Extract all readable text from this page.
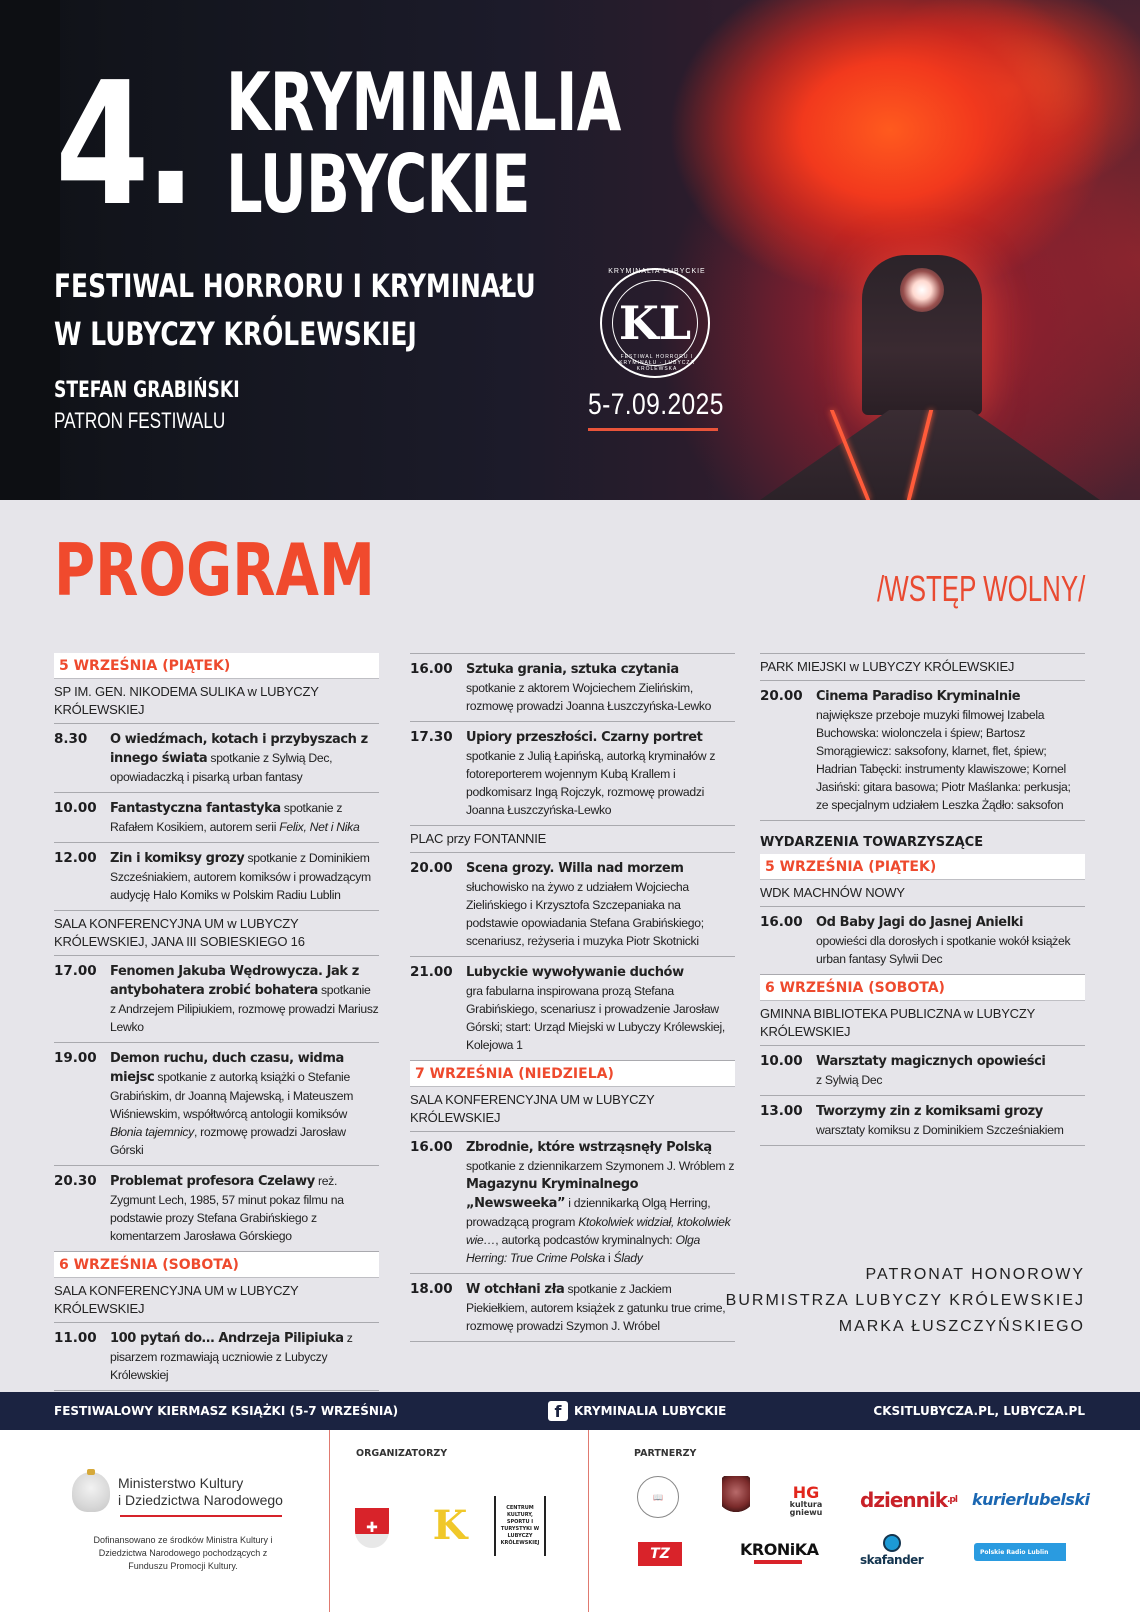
4. KRYMINALIA
LUBYCKIE
FESTIWAL HORRORU I KRYMINAŁU
W LUBYCZY KRÓLEWSKIEJ
STEFAN GRABIŃSKI
PATRON FESTIWALU
KRYMINALIA LUBYCKIE
KL
FESTIWAL HORRORU I KRYMINAŁU · LUBYCZA KRÓLEWSKA
5-7.09.2025
PROGRAM	/WSTĘP WOLNY/
5 WRZEŚNIA (PIĄTEK)
SP IM. GEN. NIKODEMA SULIKA w LUBYCZY KRÓLEWSKIEJ
8.30	O wiedźmach, kotach i przybyszach z innego świata spotkanie z Sylwią Dec, opowiadaczką i pisarką urban fantasy
10.00	Fantastyczna fantastyka spotkanie z Rafałem Kosikiem, autorem serii Felix, Net i Nika
12.00	Zin i komiksy grozy spotkanie z Dominikiem Szcześniakiem, autorem komiksów i prowadzącym audycję Halo Komiks w Polskim Radiu Lublin
SALA KONFERENCYJNA UM w LUBYCZY KRÓLEWSKIEJ, JANA III SOBIESKIEGO 16
17.00	Fenomen Jakuba Wędrowycza. Jak z antybohatera zrobić bohatera spotkanie z Andrzejem Pilipiukiem, rozmowę prowadzi Mariusz Lewko
19.00	Demon ruchu, duch czasu, widma miejsc spotkanie z autorką książki o Stefanie Grabińskim, dr Joanną Majewską, i Mateuszem Wiśniewskim, współtwórcą antologii komiksów Błonia tajemnicy, rozmowę prowadzi Jarosław Górski
20.30	Problemat profesora Czelawy reż. Zygmunt Lech, 1985, 57 minut pokaz filmu na podstawie prozy Stefana Grabińskiego z komentarzem Jarosława Górskiego
6 WRZEŚNIA (SOBOTA)
SALA KONFERENCYJNA UM w LUBYCZY KRÓLEWSKIEJ
11.00	100 pytań do… Andrzeja Pilipiuka z pisarzem rozmawiają uczniowie z Lubyczy Królewskiej
16.00	Sztuka grania, sztuka czytania
spotkanie z aktorem Wojciechem Zielińskim, rozmowę prowadzi Joanna Łuszczyńska-Lewko
17.30	Upiory przeszłości. Czarny portret spotkanie z Julią Łapińską, autorką kryminałów z fotoreporterem wojennym Kubą Krallem i podkomisarz Ingą Rojczyk, rozmowę prowadzi Joanna Łuszczyńska-Lewko
PLAC przy FONTANNIE
20.00	Scena grozy. Willa nad morzem
słuchowisko na żywo z udziałem Wojciecha Zielińskiego i Krzysztofa Szczepaniaka na podstawie opowiadania Stefana Grabińskiego; scenariusz, reżyseria i muzyka Piotr Skotnicki
21.00	Lubyckie wywoływanie duchów
gra fabularna inspirowana prozą Stefana Grabińskiego, scenariusz i prowadzenie Jarosław Górski; start: Urząd Miejski w Lubyczy Królewskiej, Kolejowa 1
7 WRZEŚNIA (NIEDZIELA)
SALA KONFERENCYJNA UM w LUBYCZY KRÓLEWSKIEJ
16.00	Zbrodnie, które wstrząsnęły Polską spotkanie z dziennikarzem Szymonem J. Wróblem z Magazynu Kryminalnego „Newsweeka” i dziennikarką Olgą Herring, prowadzącą program Ktokolwiek widział, ktokolwiek wie…, autorką podcastów kryminalnych: Olga Herring: True Crime Polska i Ślady
18.00	W otchłani zła spotkanie z Jackiem Piekiełkiem, autorem książek z gatunku true crime, rozmowę prowadzi Szymon J. Wróbel
PARK MIEJSKI w LUBYCZY KRÓLEWSKIEJ
20.00	Cinema Paradiso Kryminalnie
największe przeboje muzyki filmowej Izabela Buchowska: wiolonczela i śpiew; Bartosz Smorągiewicz: saksofony, klarnet, flet, śpiew; Hadrian Tabęcki: instrumenty klawiszowe; Kornel Jasiński: gitara basowa; Piotr Maślanka: perkusja; ze specjalnym udziałem Leszka Żądło: saksofon
WYDARZENIA TOWARZYSZĄCE
5 WRZEŚNIA (PIĄTEK)
WDK MACHNÓW NOWY
16.00	Od Baby Jagi do Jasnej Anielki
opowieści dla dorosłych i spotkanie wokół książek urban fantasy Sylwii Dec
6 WRZEŚNIA (SOBOTA)
GMINNA BIBLIOTEKA PUBLICZNA w LUBYCZY KRÓLEWSKIEJ
10.00	Warsztaty magicznych opowieści
z Sylwią Dec
13.00	Tworzymy zin z komiksami grozy
warsztaty komiksu z Dominikiem Szcześniakiem
PATRONAT HONOROWY
BURMISTRZA LUBYCZY KRÓLEWSKIEJ
MARKA ŁUSZCZYŃSKIEGO
FESTIWALOWY KIERMASZ KSIĄŻKI (5-7 WRZEŚNIA)	f	KRYMINALIA LUBYCKIE	CKSITLUBYCZA.PL, LUBYCZA.PL
Ministerstwo Kultury
i Dziedzictwa Narodowego
Dofinansowano ze środków Ministra Kultury i Dziedzictwa Narodowego pochodzących z Funduszu Promocji Kultury.
ORGANIZATORZY
✚ K	CENTRUM KULTURY, SPORTU I TURYSTYKI W LUBYCZY KRÓLEWSKIEJ
PARTNERZY
📖	HG
kultura
gniewu
dziennik .pl kurierlubelski
TZ	KRONiKA
skafander
Polskie Radio Lublin
